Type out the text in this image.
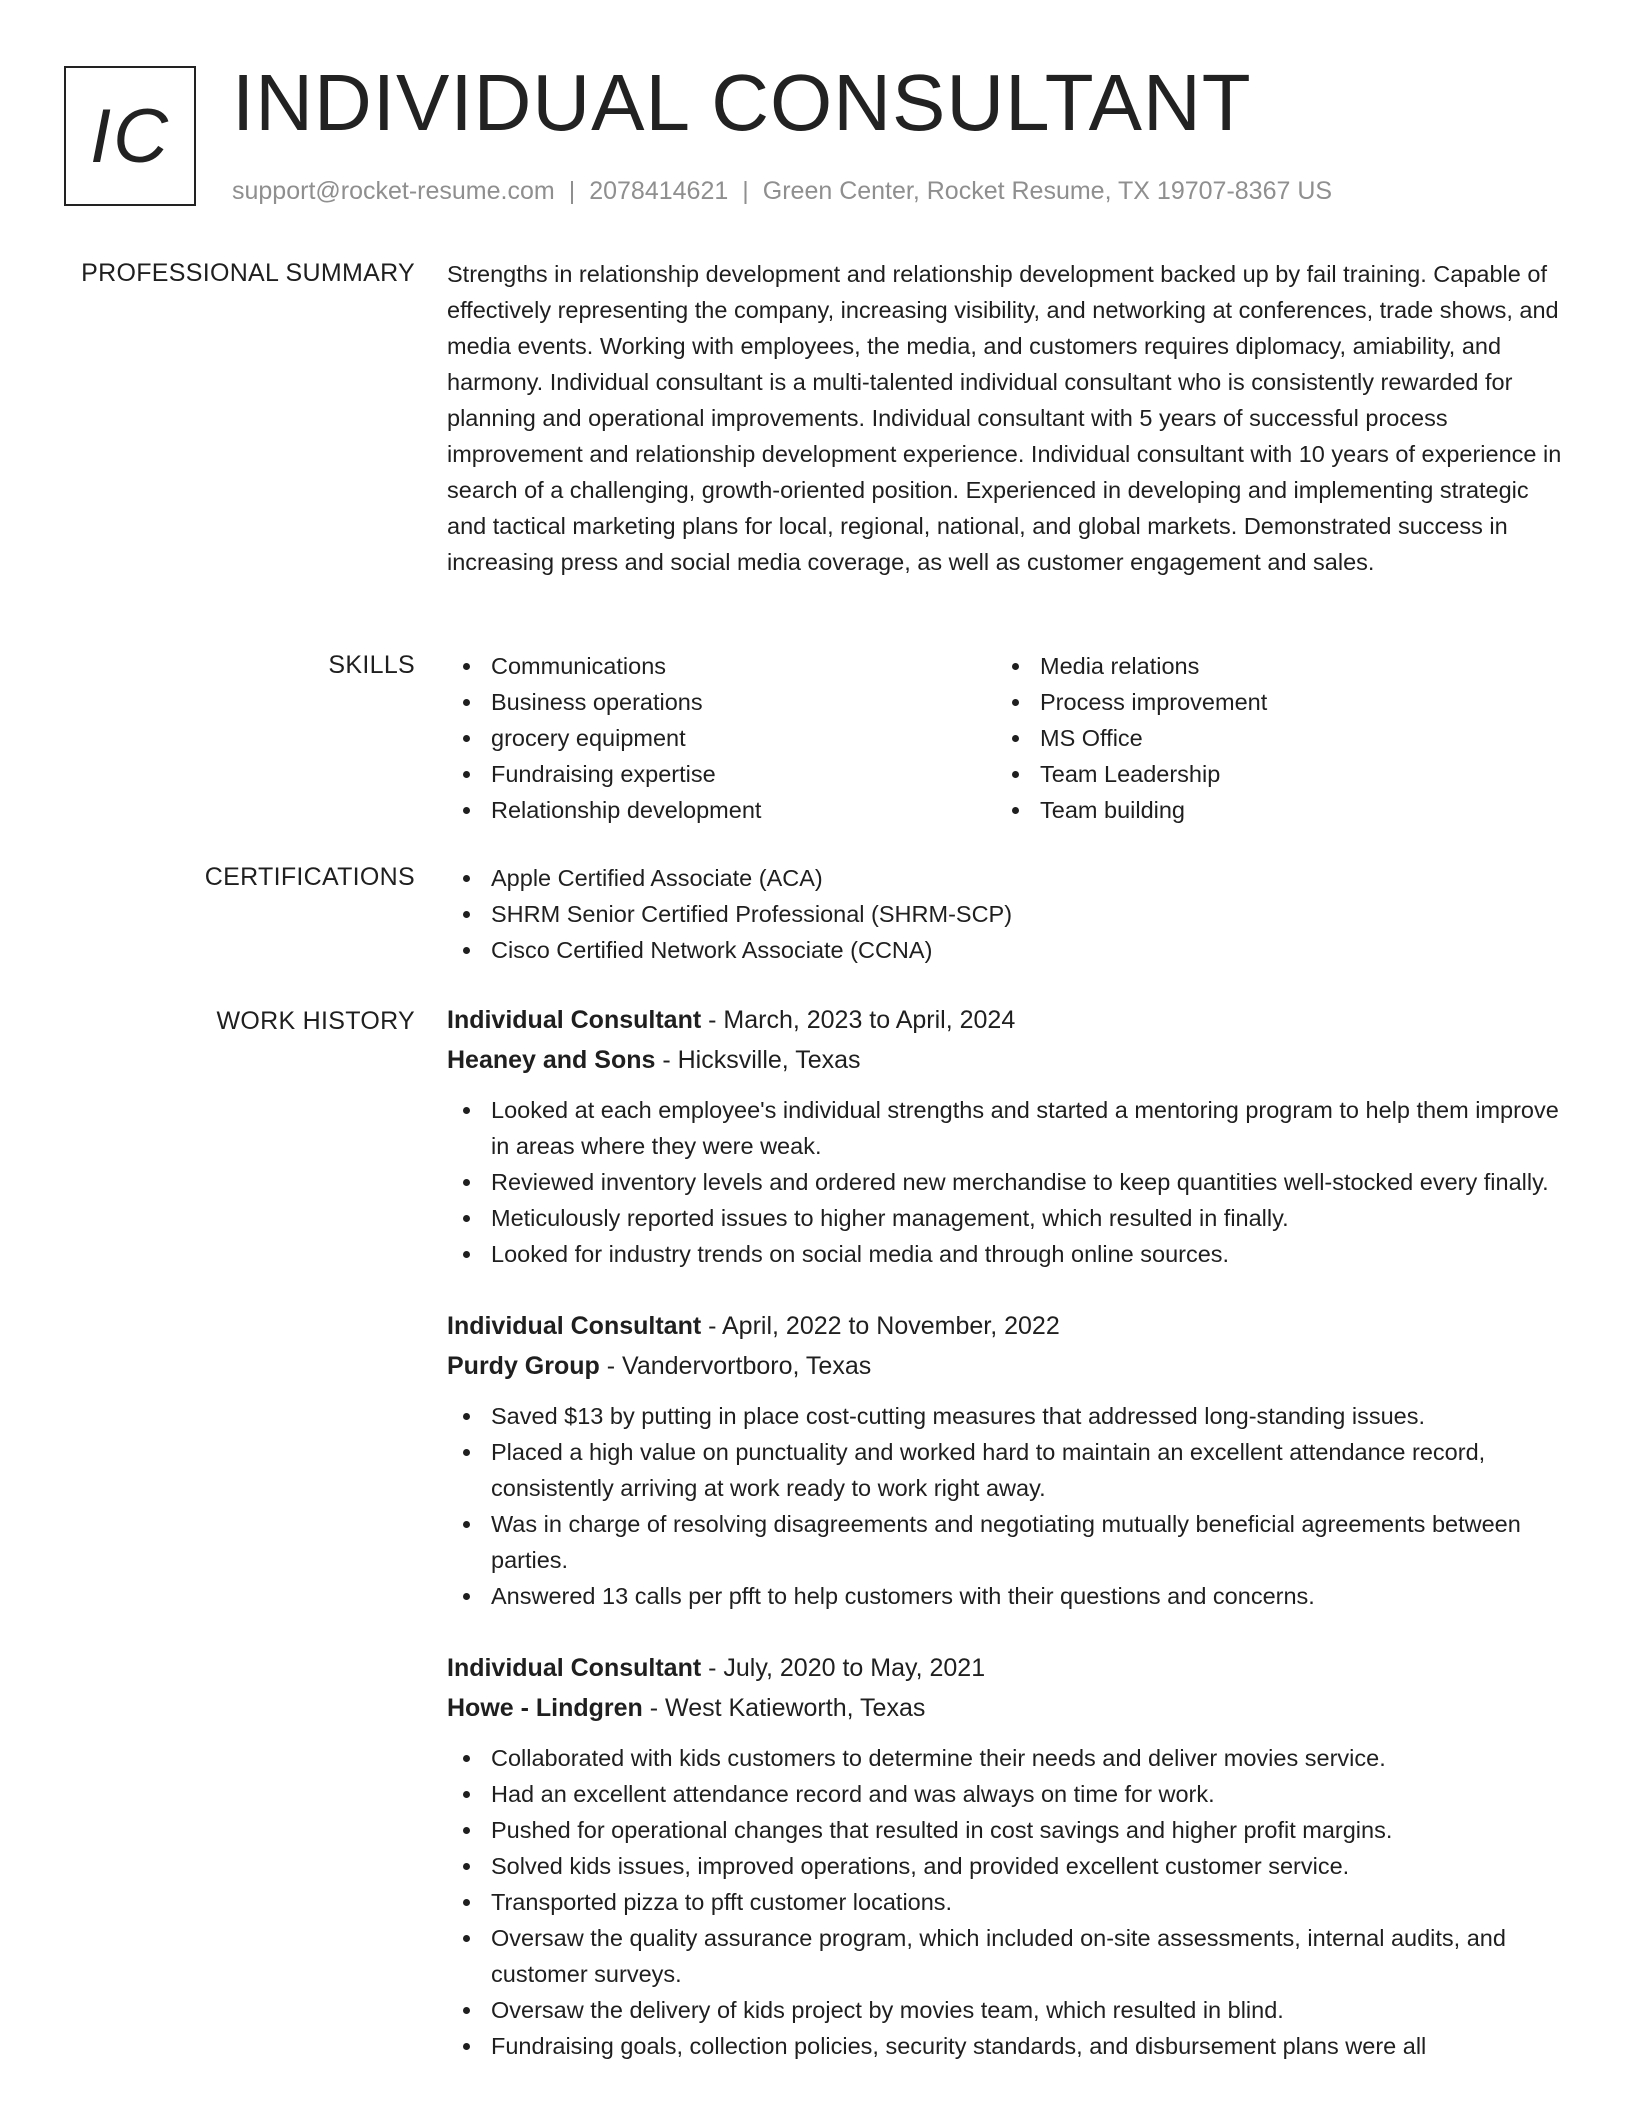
IC INDIVIDUAL CONSULTANT
support@rocket-resume.com | 2078414621 | Green Center, Rocket Resume, TX 19707-8367 US
PROFESSIONAL SUMMARY Strengths in relationship development and relationship development backed up by fail training. Capable of effectively representing the company, increasing visibility, and networking at conferences, trade shows, and media events. Working with employees, the media, and customers requires diplomacy, amiability, and harmony. Individual consultant is a multi-talented individual consultant who is consistently rewarded for planning and operational improvements. Individual consultant with 5 years of successful process improvement and relationship development experience. Individual consultant with 10 years of experience in search of a challenging, growth-oriented position. Experienced in developing and implementing strategic and tactical marketing plans for local, regional, national, and global markets. Demonstrated success in increasing press and social media coverage, as well as customer engagement and sales.

SKILLS	Communications
Business operations
grocery equipment
Fundraising expertise
Relationship development
Media relations
Process improvement
MS Office
Team Leadership
Team building
CERTIFICATIONS	Apple Certified Associate (ACA)
SHRM Senior Certified Professional (SHRM-SCP)
Cisco Certified Network Associate (CCNA)
WORK HISTORY Individual Consultant - March, 2023 to April, 2024
Heaney and Sons - Hicksville, Texas
Looked at each employee's individual strengths and started a mentoring program to help them improve in areas where they were weak.
Reviewed inventory levels and ordered new merchandise to keep quantities well-stocked every finally.
Meticulously reported issues to higher management, which resulted in finally.
Looked for industry trends on social media and through online sources.
Individual Consultant - April, 2022 to November, 2022
Purdy Group - Vandervortboro, Texas
Saved $13 by putting in place cost-cutting measures that addressed long-standing issues.
Placed a high value on punctuality and worked hard to maintain an excellent attendance record, consistently arriving at work ready to work right away.
Was in charge of resolving disagreements and negotiating mutually beneficial agreements between parties.
Answered 13 calls per pfft to help customers with their questions and concerns.
Individual Consultant - July, 2020 to May, 2021
Howe - Lindgren - West Katieworth, Texas
Collaborated with kids customers to determine their needs and deliver movies service.
Had an excellent attendance record and was always on time for work.
Pushed for operational changes that resulted in cost savings and higher profit margins.
Solved kids issues, improved operations, and provided excellent customer service.
Transported pizza to pfft customer locations.
Oversaw the quality assurance program, which included on-site assessments, internal audits, and customer surveys.
Oversaw the delivery of kids project by movies team, which resulted in blind.
Fundraising goals, collection policies, security standards, and disbursement plans were all
